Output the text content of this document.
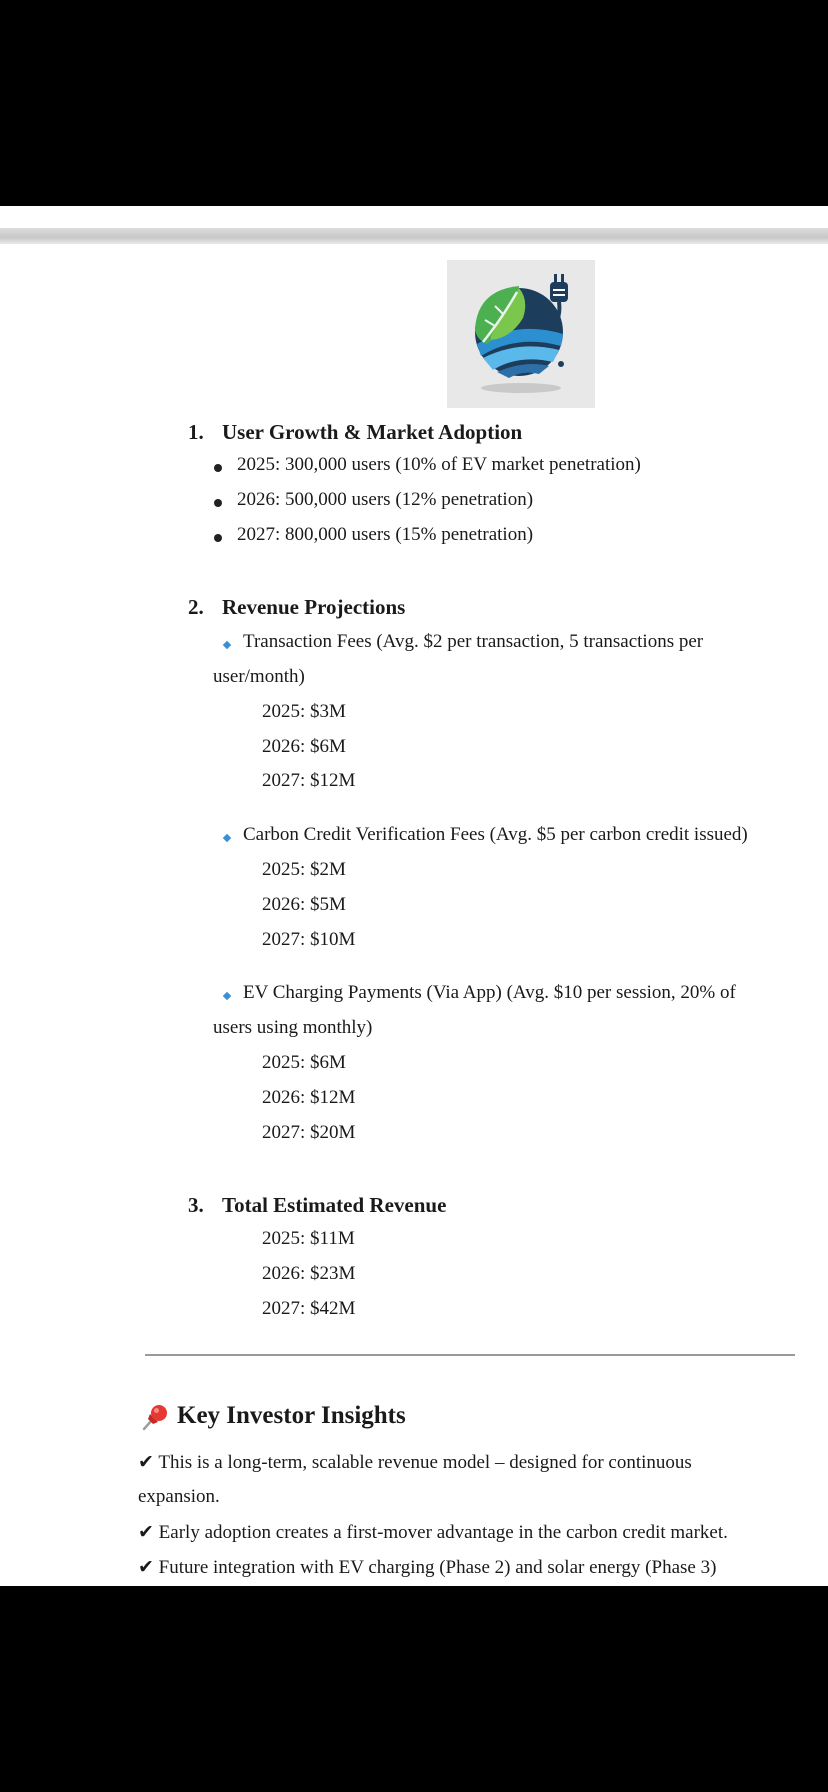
1. User Growth & Market Adoption
2025: 300,000 users (10% of EV market penetration)
2026: 500,000 users (12% penetration)
2027: 800,000 users (15% penetration)
2. Revenue Projections
Transaction Fees (Avg. $2 per transaction, 5 transactions per
user/month)
2025: $3M
2026: $6M
2027: $12M
Carbon Credit Verification Fees (Avg. $5 per carbon credit issued)
2025: $2M
2026: $5M
2027: $10M
EV Charging Payments (Via App) (Avg. $10 per session, 20% of
users using monthly)
2025: $6M
2026: $12M
2027: $20M
3. Total Estimated Revenue
2025: $11M
2026: $23M
2027: $42M
Key Investor Insights
✔ This is a long-term, scalable revenue model – designed for continuous
expansion.
✔ Early adoption creates a first-mover advantage in the carbon credit market.
✔ Future integration with EV charging (Phase 2) and solar energy (Phase 3)
